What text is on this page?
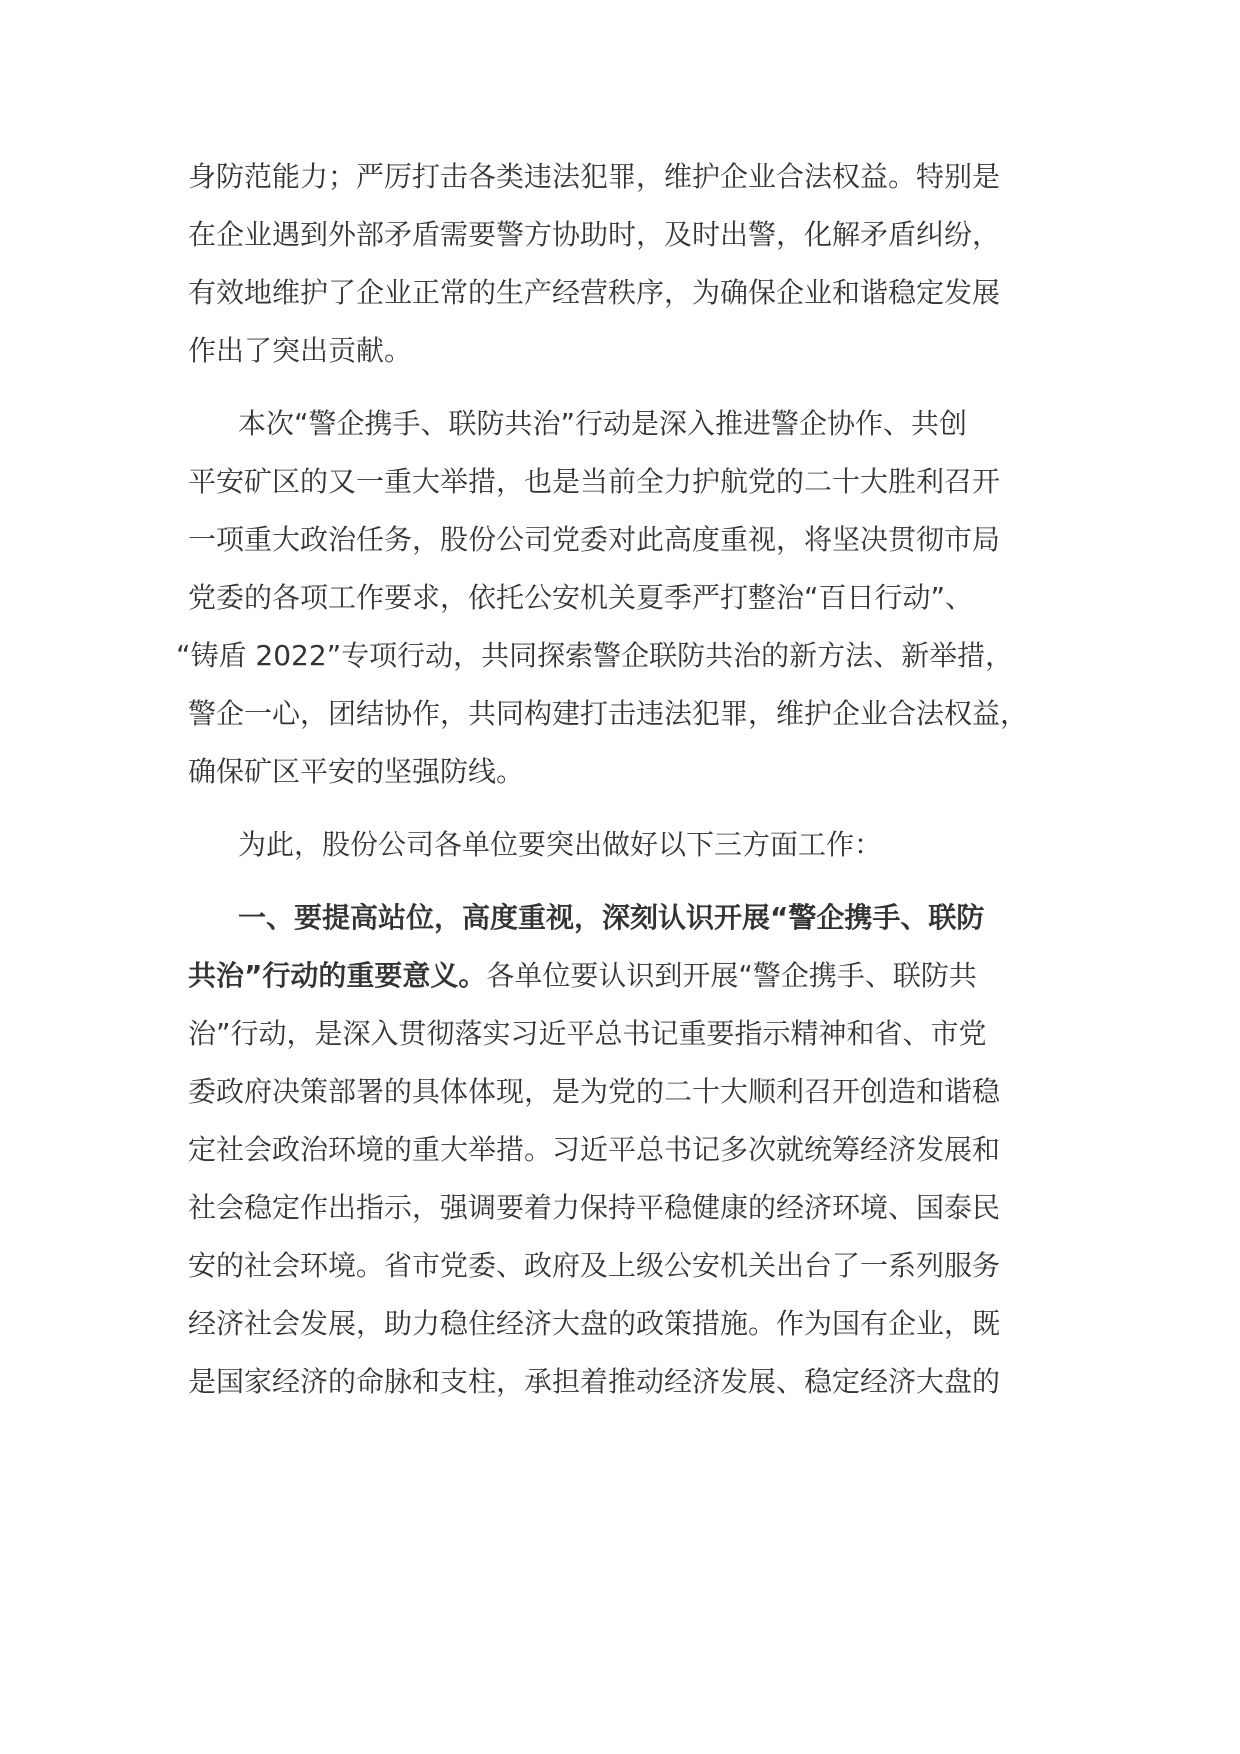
身防范能力；严厉打击各类违法犯罪，维护企业合法权益。特别是
在企业遇到外部矛盾需要警方协助时，及时出警，化解矛盾纠纷，
有效地维护了企业正常的生产经营秩序，为确保企业和谐稳定发展
作出了突出贡献。
本次“警企携手、联防共治”行动是深入推进警企协作、共创
平安矿区的又一重大举措，也是当前全力护航党的二十大胜利召开
一项重大政治任务，股份公司党委对此高度重视，将坚决贯彻市局
党委的各项工作要求，依托公安机关夏季严打整治“百日行动”、
“铸盾 2022”专项行动，共同探索警企联防共治的新方法、新举措，
警企一心，团结协作，共同构建打击违法犯罪，维护企业合法权益，
确保矿区平安的坚强防线。
为此，股份公司各单位要突出做好以下三方面工作：
一、要提高站位，高度重视，深刻认识开展“警企携手、联防
共治”行动的重要意义。各单位要认识到开展“警企携手、联防共
治”行动，是深入贯彻落实习近平总书记重要指示精神和省、市党
委政府决策部署的具体体现，是为党的二十大顺利召开创造和谐稳
定社会政治环境的重大举措。习近平总书记多次就统筹经济发展和
社会稳定作出指示，强调要着力保持平稳健康的经济环境、国泰民
安的社会环境。省市党委、政府及上级公安机关出台了一系列服务
经济社会发展，助力稳住经济大盘的政策措施。作为国有企业，既
是国家经济的命脉和支柱，承担着推动经济发展、稳定经济大盘的
